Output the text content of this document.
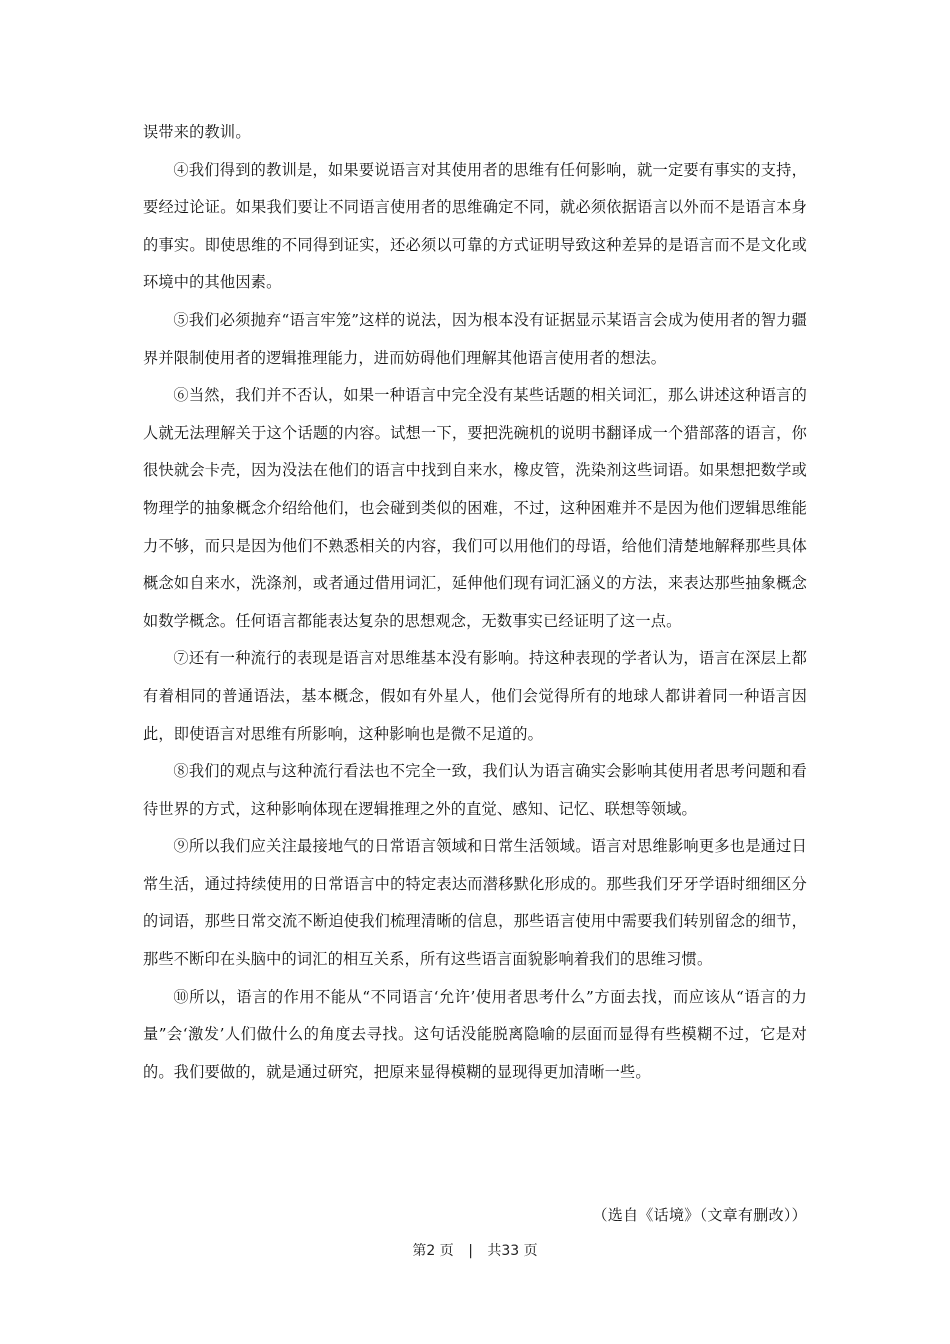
误带来的教训。

④我们得到的教训是，如果要说语言对其使用者的思维有任何影响，就一定要有事实的支持，要经过论证。如果我们要让不同语言使用者的思维确定不同，就必须依据语言以外而不是语言本身的事实。即使思维的不同得到证实，还必须以可靠的方式证明导致这种差异的是语言而不是文化或环境中的其他因素。

⑤我们必须抛弃“语言牢笼”这样的说法，因为根本没有证据显示某语言会成为使用者的智力疆界并限制使用者的逻辑推理能力，进而妨碍他们理解其他语言使用者的想法。

⑥当然，我们并不否认，如果一种语言中完全没有某些话题的相关词汇，那么讲述这种语言的人就无法理解关于这个话题的内容。试想一下，要把洗碗机的说明书翻译成一个猎部落的语言，你很快就会卡壳，因为没法在他们的语言中找到自来水，橡皮管，洗染剂这些词语。如果想把数学或物理学的抽象概念介绍给他们，也会碰到类似的困难，不过，这种困难并不是因为他们逻辑思维能力不够，而只是因为他们不熟悉相关的内容，我们可以用他们的母语，给他们清楚地解释那些具体概念如自来水，洗涤剂，或者通过借用词汇，延伸他们现有词汇涵义的方法，来表达那些抽象概念如数学概念。任何语言都能表达复杂的思想观念，无数事实已经证明了这一点。

⑦还有一种流行的表现是语言对思维基本没有影响。持这种表现的学者认为，语言在深层上都有着相同的普通语法，基本概念，假如有外星人，他们会觉得所有的地球人都讲着同一种语言因此，即使语言对思维有所影响，这种影响也是微不足道的。

⑧我们的观点与这种流行看法也不完全一致，我们认为语言确实会影响其使用者思考问题和看待世界的方式，这种影响体现在逻辑推理之外的直觉、感知、记忆、联想等领域。

⑨所以我们应关注最接地气的日常语言领域和日常生活领域。语言对思维影响更多也是通过日常生活，通过持续使用的日常语言中的特定表达而潜移默化形成的。那些我们牙牙学语时细细区分的词语，那些日常交流不断迫使我们梳理清晰的信息，那些语言使用中需要我们转别留念的细节，那些不断印在头脑中的词汇的相互关系，所有这些语言面貌影响着我们的思维习惯。

⑩所以，语言的作用不能从“不同语言‘允许’使用者思考什么”方面去找，而应该从“语言的力量”会‘激发’人们做什么的角度去寻找。这句话没能脱离隐喻的层面而显得有些模糊不过，它是对的。我们要做的，就是通过研究，把原来显得模糊的显现得更加清晰一些。

（选自《话境》（文章有删改））
第2 页 | 共33 页
